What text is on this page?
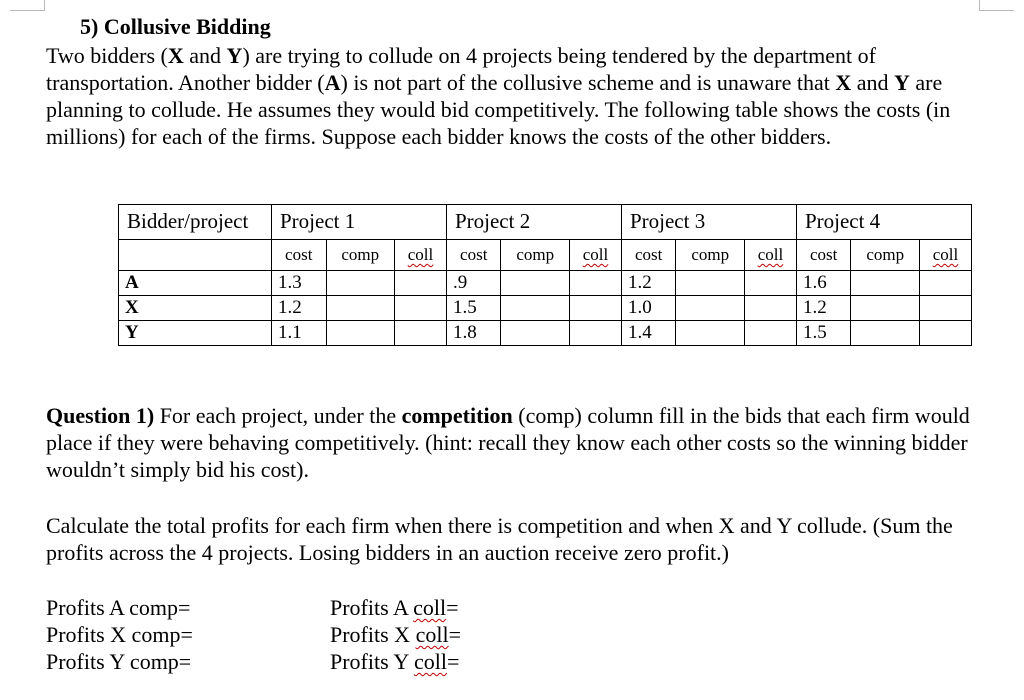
5) Collusive Bidding
Two bidders (X and Y) are trying to collude on 4 projects being tendered by the department of transportation. Another bidder (A) is not part of the collusive scheme and is unaware that X and Y are planning to collude. He assumes they would bid competitively. The following table shows the costs (in millions) for each of the firms. Suppose each bidder knows the costs of the other bidders.
Bidder/project	Project 1			Project 2			Project 3			Project 4		
	cost	comp	coll	cost	comp	coll	cost	comp	coll	cost	comp	coll
A	1.3			.9			1.2			1.6		
X	1.2			1.5			1.0			1.2		
Y	1.1			1.8			1.4			1.5		
Question 1) For each project, under the competition (comp) column fill in the bids that each firm would place if they were behaving competitively. (hint: recall they know each other costs so the winning bidder wouldn’t simply bid his cost).
Calculate the total profits for each firm when there is competition and when X and Y collude. (Sum the profits across the 4 projects. Losing bidders in an auction receive zero profit.)
Profits A comp=
Profits X comp=
Profits Y comp=
Profits A coll=
Profits X coll=
Profits Y coll=
